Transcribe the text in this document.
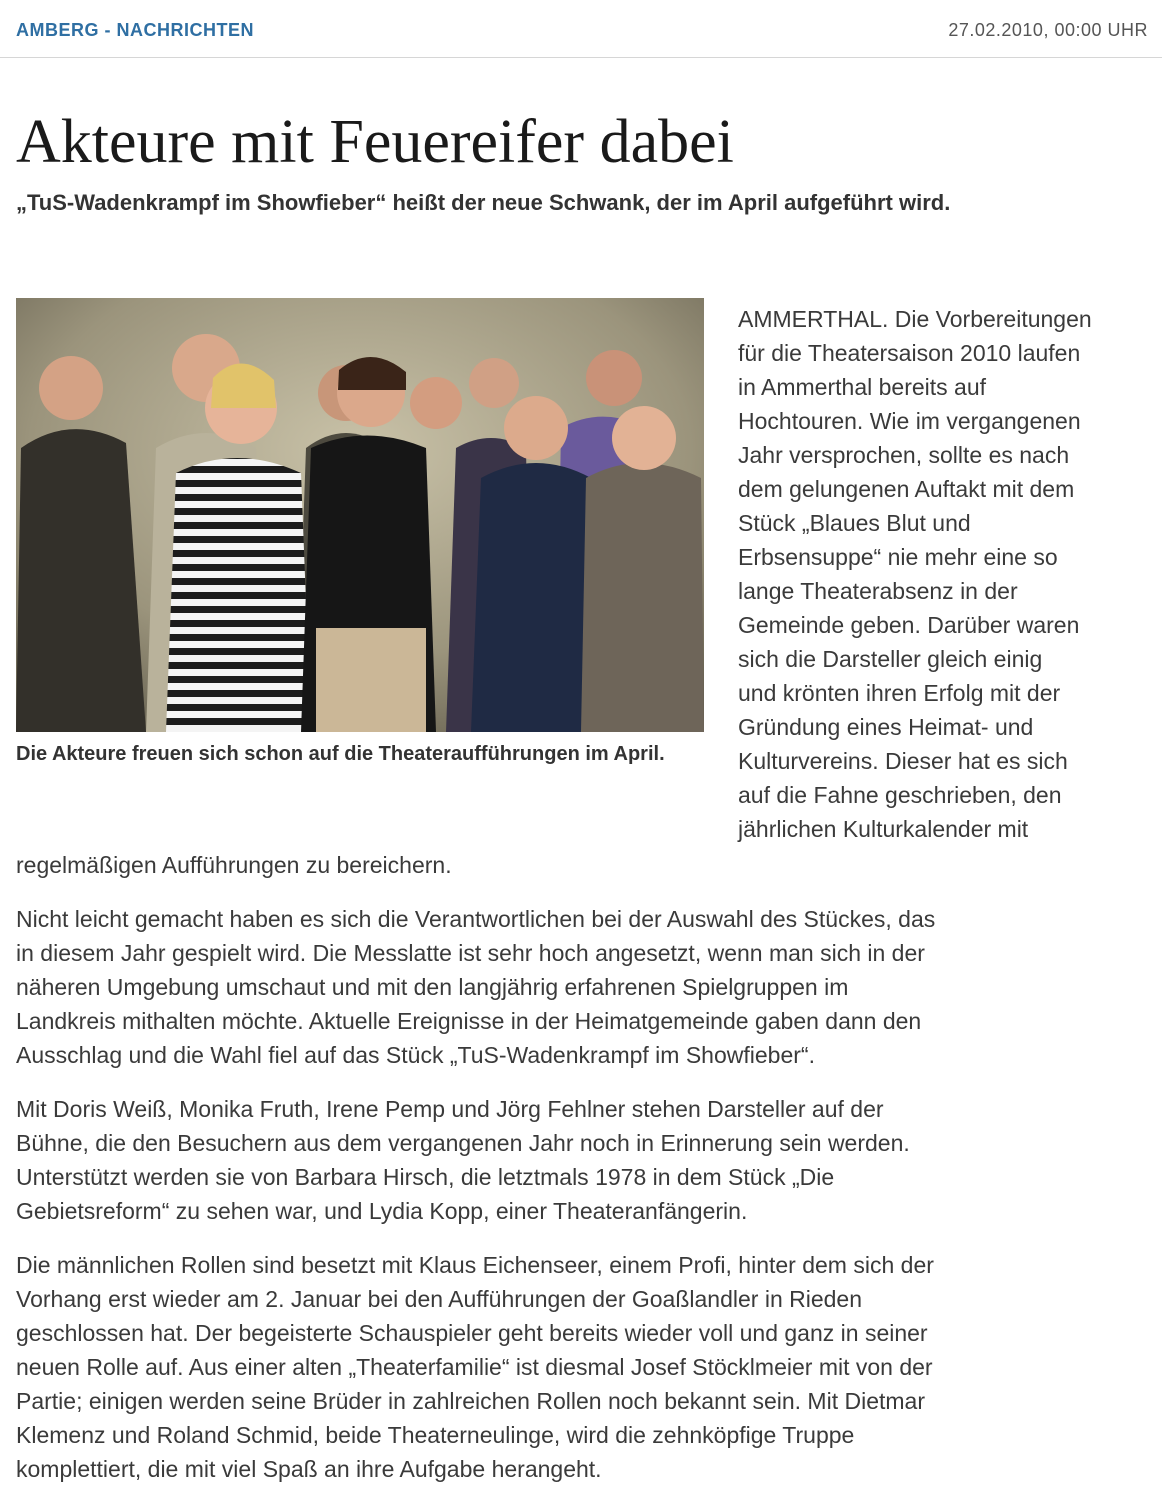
AMBERG - NACHRICHTEN	27.02.2010, 00:00 UHR
Akteure mit Feuereifer dabei

„TuS-Wadenkrampf im Showfieber“ heißt der neue Schwank, der im April aufgeführt wird.

Die Akteure freuen sich schon auf die Theateraufführungen im April.

AMMERTHAL. Die Vorbereitungen
für die Theatersaison 2010 laufen
in Ammerthal bereits auf
Hochtouren. Wie im vergangenen
Jahr versprochen, sollte es nach
dem gelungenen Auftakt mit dem
Stück „Blaues Blut und
Erbsensuppe“ nie mehr eine so
lange Theaterabsenz in der
Gemeinde geben. Darüber waren
sich die Darsteller gleich einig
und krönten ihren Erfolg mit der
Gründung eines Heimat- und
Kulturvereins. Dieser hat es sich
auf die Fahne geschrieben, den
jährlichen Kulturkalender mit

regelmäßigen Aufführungen zu bereichern.

Nicht leicht gemacht haben es sich die Verantwortlichen bei der Auswahl des Stückes, das
in diesem Jahr gespielt wird. Die Messlatte ist sehr hoch angesetzt, wenn man sich in der
näheren Umgebung umschaut und mit den langjährig erfahrenen Spielgruppen im
Landkreis mithalten möchte. Aktuelle Ereignisse in der Heimatgemeinde gaben dann den
Ausschlag und die Wahl fiel auf das Stück „TuS-Wadenkrampf im Showfieber“.

Mit Doris Weiß, Monika Fruth, Irene Pemp und Jörg Fehlner stehen Darsteller auf der
Bühne, die den Besuchern aus dem vergangenen Jahr noch in Erinnerung sein werden.
Unterstützt werden sie von Barbara Hirsch, die letztmals 1978 in dem Stück „Die
Gebietsreform“ zu sehen war, und Lydia Kopp, einer Theateranfängerin.

Die männlichen Rollen sind besetzt mit Klaus Eichenseer, einem Profi, hinter dem sich der
Vorhang erst wieder am 2. Januar bei den Aufführungen der Goaßlandler in Rieden
geschlossen hat. Der begeisterte Schauspieler geht bereits wieder voll und ganz in seiner
neuen Rolle auf. Aus einer alten „Theaterfamilie“ ist diesmal Josef Stöcklmeier mit von der
Partie; einigen werden seine Brüder in zahlreichen Rollen noch bekannt sein. Mit Dietmar
Klemenz und Roland Schmid, beide Theaterneulinge, wird die zehnköpfige Truppe
komplettiert, die mit viel Spaß an ihre Aufgabe herangeht.
